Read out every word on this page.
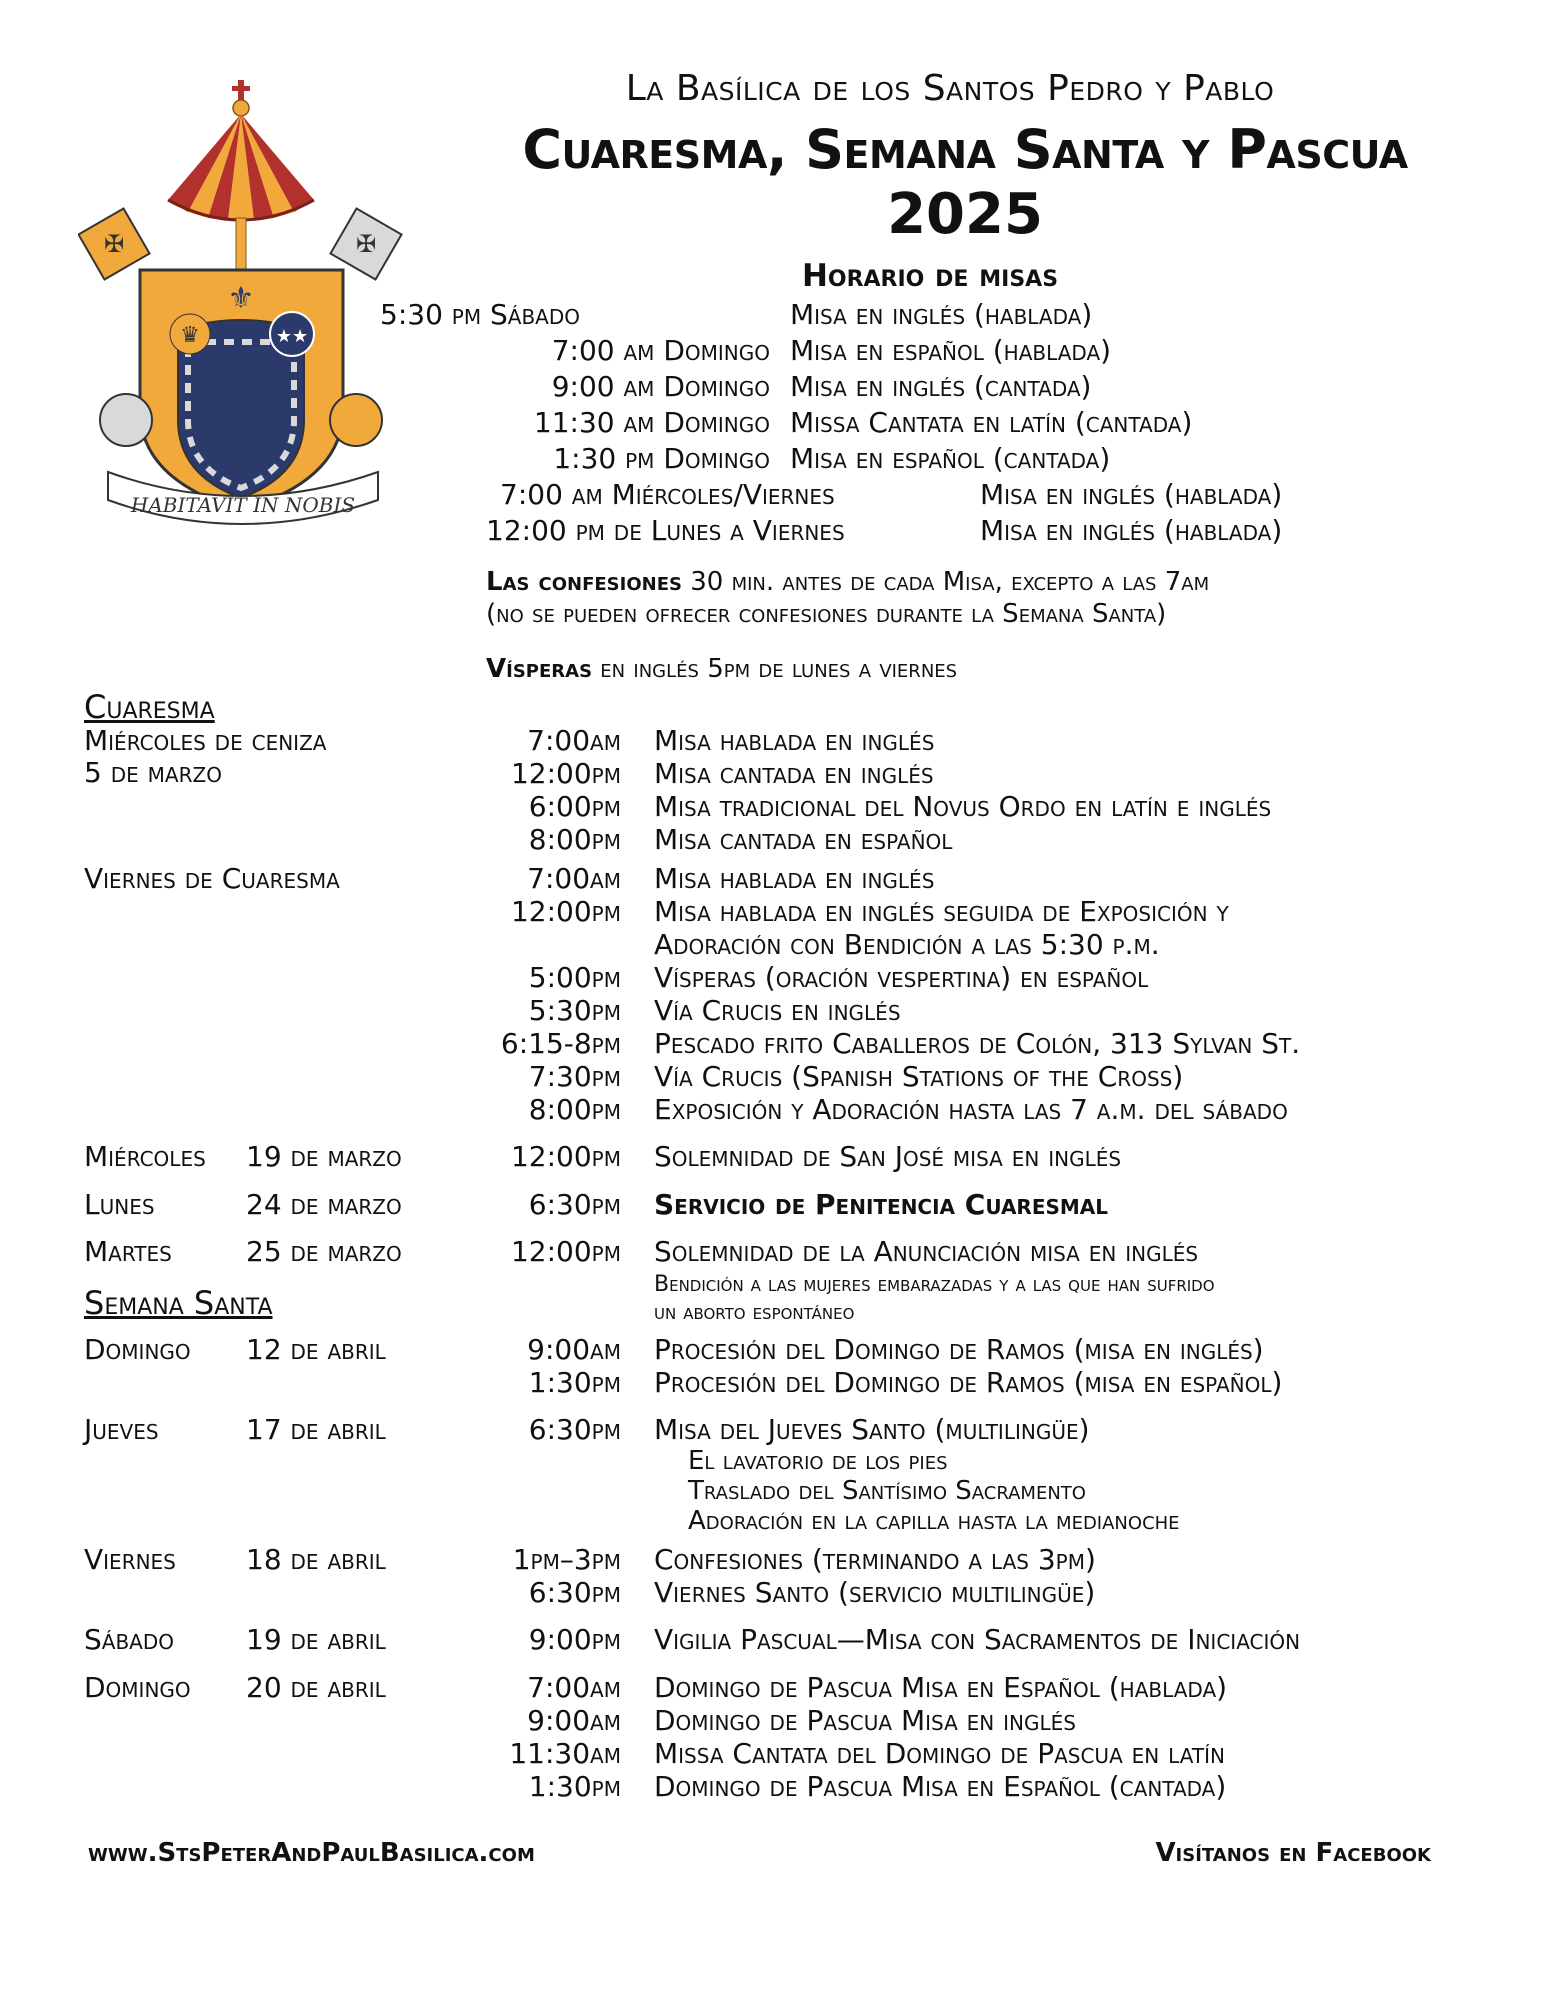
✠	✠
⚜
♛	★★
HABITAVIT IN NOBIS
La Basílica de los Santos Pedro y Pablo
Cuaresma, Semana Santa y Pascua
2025
Horario de misas
5:30 pm Sábado	Misa en inglés (hablada)
7:00 am Domingo Misa en español (hablada)
9:00 am Domingo Misa en inglés (cantada)
11:30 am Domingo Missa Cantata en latín (cantada)
1:30 pm Domingo Misa en español (cantada)
7:00 am Miércoles/Viernes	Misa en inglés (hablada)
12:00 pm de Lunes a Viernes	Misa en inglés (hablada)
Las confesiones 30 min. antes de cada Misa, excepto a las 7am
(no se pueden ofrecer confesiones durante la Semana Santa)
Vísperas en inglés 5pm de lunes a viernes
Cuaresma
Miércoles de ceniza
5 de marzo
7:00am Misa hablada en inglés
12:00pm Misa cantada en inglés
6:00pm Misa tradicional del Novus Ordo en latín e inglés
8:00pm Misa cantada en español
Viernes de Cuaresma	7:00am Misa hablada en inglés
12:00pm Misa hablada en inglés seguida de Exposición y
Adoración con Bendición a las 5:30 p.m.
5:00pm Vísperas (oración vespertina) en español
5:30pm Vía Crucis en inglés
6:15-8pm Pescado frito Caballeros de Colón, 313 Sylvan St.
7:30pm Vía Crucis (Spanish Stations of the Cross)
8:00pm Exposición y Adoración hasta las 7 a.m. del sábado
Miércoles 19 de marzo	12:00pm Solemnidad de San José misa en inglés
Lunes	24 de marzo	6:30pm Servicio de Penitencia Cuaresmal
Martes	25 de marzo	12:00pm Solemnidad de la Anunciación misa en inglés
Bendición a las mujeres embarazadas y a las que han sufrido
un aborto espontáneo
Semana Santa
Domingo 12 de abril	9:00am Procesión del Domingo de Ramos (misa en inglés)
1:30pm Procesión del Domingo de Ramos (misa en español)
Jueves	17 de abril	6:30pm Misa del Jueves Santo (multilingüe)
El lavatorio de los pies
Traslado del Santísimo Sacramento
Adoración en la capilla hasta la medianoche
Viernes	18 de abril	1pm–3pm Confesiones (terminando a las 3pm)
6:30pm Viernes Santo (servicio multilingüe)
Sábado	19 de abril	9:00pm Vigilia Pascual—Misa con Sacramentos de Iniciación
Domingo 20 de abril	7:00am Domingo de Pascua Misa en Español (hablada)
9:00am Domingo de Pascua Misa en inglés
11:30am Missa Cantata del Domingo de Pascua en latín
1:30pm Domingo de Pascua Misa en Español (cantada)
www.StsPeterAndPaulBasilica.com	Visítanos en Facebook
